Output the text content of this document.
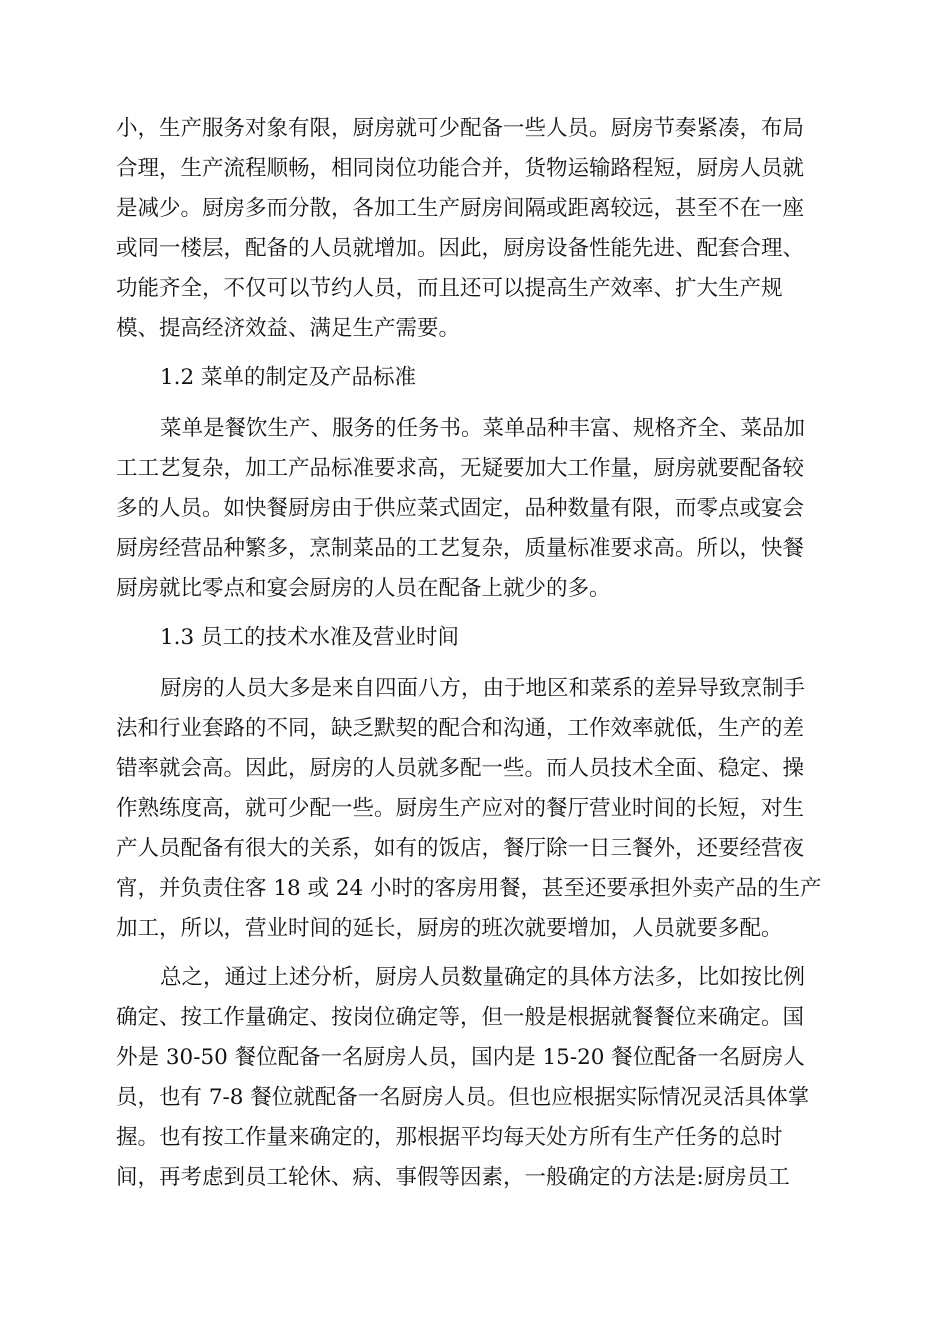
小，生产服务对象有限，厨房就可少配备一些人员。厨房节奏紧凑，布局
合理，生产流程顺畅，相同岗位功能合并，货物运输路程短，厨房人员就
是减少。厨房多而分散，各加工生产厨房间隔或距离较远，甚至不在一座
或同一楼层，配备的人员就增加。因此，厨房设备性能先进、配套合理、
功能齐全，不仅可以节约人员，而且还可以提高生产效率、扩大生产规
模、提高经济效益、满足生产需要。
1.2 菜单的制定及产品标准
菜单是餐饮生产、服务的任务书。菜单品种丰富、规格齐全、菜品加
工工艺复杂，加工产品标准要求高，无疑要加大工作量，厨房就要配备较
多的人员。如快餐厨房由于供应菜式固定，品种数量有限，而零点或宴会
厨房经营品种繁多，烹制菜品的工艺复杂，质量标准要求高。所以，快餐
厨房就比零点和宴会厨房的人员在配备上就少的多。
1.3 员工的技术水准及营业时间
厨房的人员大多是来自四面八方，由于地区和菜系的差异导致烹制手
法和行业套路的不同，缺乏默契的配合和沟通，工作效率就低，生产的差
错率就会高。因此，厨房的人员就多配一些。而人员技术全面、稳定、操
作熟练度高，就可少配一些。厨房生产应对的餐厅营业时间的长短，对生
产人员配备有很大的关系，如有的饭店，餐厅除一日三餐外，还要经营夜
宵，并负责住客 18 或 24 小时的客房用餐，甚至还要承担外卖产品的生产
加工，所以，营业时间的延长，厨房的班次就要增加，人员就要多配。
总之，通过上述分析，厨房人员数量确定的具体方法多，比如按比例
确定、按工作量确定、按岗位确定等，但一般是根据就餐餐位来确定。国
外是 30-50 餐位配备一名厨房人员，国内是 15-20 餐位配备一名厨房人
员，也有 7-8 餐位就配备一名厨房人员。但也应根据实际情况灵活具体掌
握。也有按工作量来确定的，那根据平均每天处方所有生产任务的总时
间，再考虑到员工轮休、病、事假等因素，一般确定的方法是:厨房员工
